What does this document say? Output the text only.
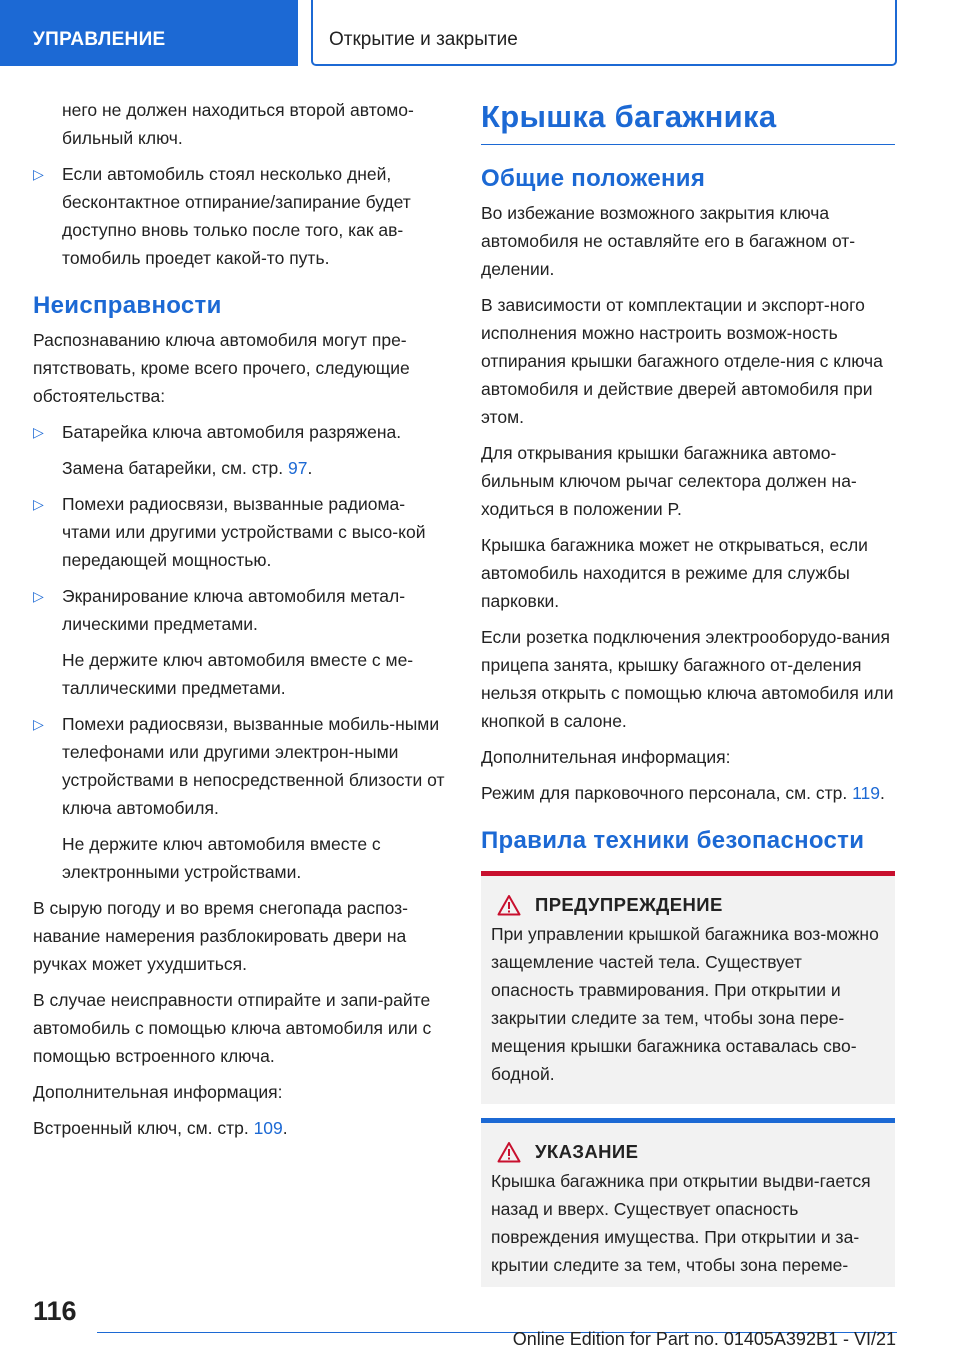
УПРАВЛЕНИЕ	Открытие и закрытие

него не должен находиться второй автомо-бильный ключ.

▷ Если автомобиль стоял несколько дней, бесконтактное отпирание/запирание будет доступно вновь только после того, как ав-томобиль проедет какой-то путь.
Неисправности

Распознаванию ключа автомобиля могут пре-пятствовать, кроме всего прочего, следующие обстоятельства:

▷ Батарейка ключа автомобиля разряжена.

Замена батарейки, см. стр. 97.

▷ Помехи радиосвязи, вызванные радиома-чтами или другими устройствами с высо-кой передающей мощностью.
▷ Экранирование ключа автомобиля метал-лическими предметами.

Не держите ключ автомобиля вместе с ме-таллическими предметами.

▷ Помехи радиосвязи, вызванные мобиль-ными телефонами или другими электрон-ными устройствами в непосредственной близости от ключа автомобиля.

Не держите ключ автомобиля вместе с электронными устройствами.

В сырую погоду и во время снегопада распоз-навание намерения разблокировать двери на ручках может ухудшиться.

В случае неисправности отпирайте и запи-райте автомобиль с помощью ключа автомобиля или с помощью встроенного ключа.

Дополнительная информация:

Встроенный ключ, см. стр. 109.

Крышка багажника
Общие положения

Во избежание возможного закрытия ключа автомобиля не оставляйте его в багажном от-делении.

В зависимости от комплектации и экспорт-ного исполнения можно настроить возмож-ность отпирания крышки багажного отделе-ния с ключа автомобиля и действие дверей автомобиля при этом.

Для открывания крышки багажника автомо-бильным ключом рычаг селектора должен на-ходиться в положении P.

Крышка багажника может не открываться, если автомобиль находится в режиме для службы парковки.

Если розетка подключения электрооборудо-вания прицепа занята, крышку багажного от-деления нельзя открыть с помощью ключа автомобиля или кнопкой в салоне.

Дополнительная информация:

Режим для парковочного персонала, см. стр. 119.

Правила техники безопасности
ПРЕДУПРЕЖДЕНИЕ

При управлении крышкой багажника воз-можно защемление частей тела. Существует опасность травмирования. При открытии и закрытии следите за тем, чтобы зона пере-мещения крышки багажника оставалась сво-бодной.

УКАЗАНИЕ

Крышка багажника при открытии выдви-гается назад и вверх. Существует опасность повреждения имущества. При открытии и за-крытии следите за тем, чтобы зона переме-

116
Online Edition for Part no. 01405A392B1 - VI/21
